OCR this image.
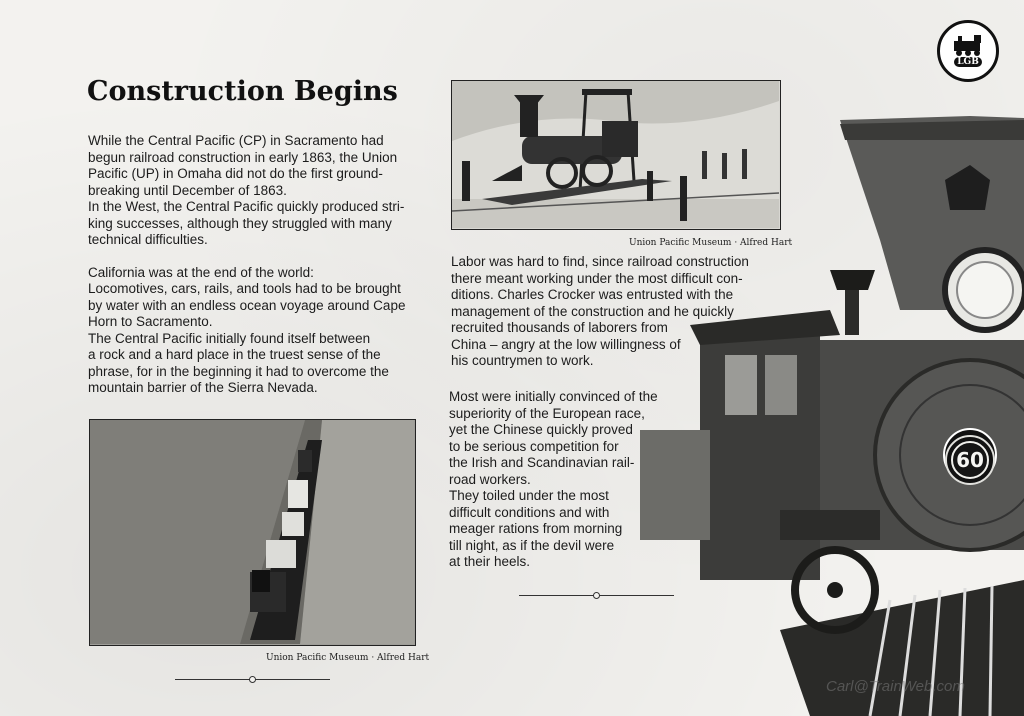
LGB
Construction Begins

While the Central Pacific (CP) in Sacramento had

begun railroad construction in early 1863, the Union

Pacific (UP) in Omaha did not do the first ground-

breaking until December of 1863.

In the West, the Central Pacific quickly produced stri-

king successes, although they struggled with many

technical difficulties.

California was at the end of the world:

Locomotives, cars, rails, and tools had to be brought

by water with an endless ocean voyage around Cape

Horn to Sacramento.

The Central Pacific initially found itself between

a rock and a hard place in the truest sense of the

phrase, for in the beginning it had to overcome the

mountain barrier of the Sierra Nevada.

Union Pacific Museum · Alfred Hart

Labor was hard to find, since railroad construction

there meant working under the most difficult con-

ditions. Charles Crocker was entrusted with the

management of the construction and he quickly

recruited thousands of laborers from

China – angry at the low willingness of

his countrymen to work.

Most were initially convinced of the

superiority of the European race,

yet the Chinese quickly proved

to be serious competition for

the Irish and Scandinavian rail-

road workers.

They toiled under the most

difficult conditions and with

meager rations from morning

till night, as if the devil were

at their heels.

Union Pacific Museum · Alfred Hart
60
Carl@TrainWeb.com
